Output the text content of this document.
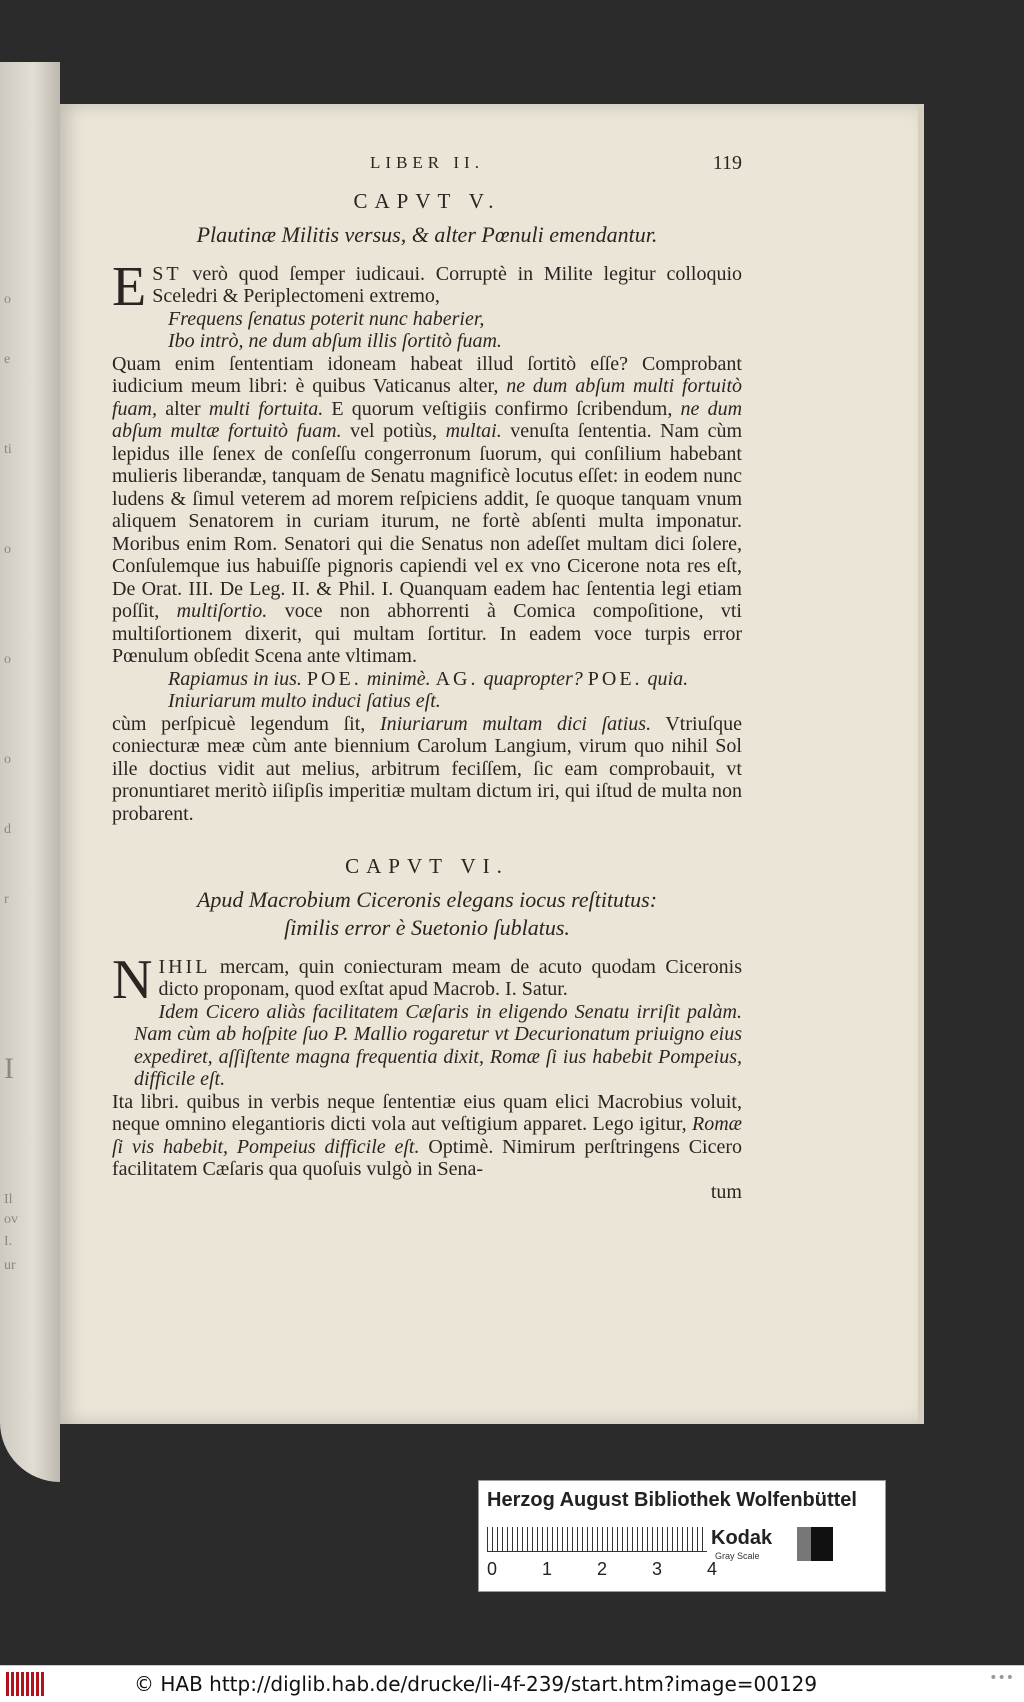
o
e
ti
o
o
o
d
r
I
Il
ov
I.
ur
LIBER II.	119
CAPVT V.
Plautinæ Militis versus, & alter Pœnuli emendantur.
E ST verò quod ſemper iudicaui. Corruptè in Milite legitur colloquio Sceledri & Periplectomeni extremo,
Frequens ſenatus poterit nunc haberier,
Ibo intrò, ne dum abſum illis ſortitò fuam.
Quam enim ſententiam idoneam habeat illud ſortitò eſſe? Comprobant iudicium meum libri: è quibus Vaticanus alter, ne dum abſum multi fortuitò fuam, alter multi fortuita. E quorum veſtigiis confirmo ſcribendum, ne dum abſum multæ fortuitò fuam. vel potiùs, multai. venuſta ſententia. Nam cùm lepidus ille ſenex de conſeſſu congerronum ſuorum, qui conſilium habebant mulieris liberandæ, tanquam de Senatu magnificè locutus eſſet: in eodem nunc ludens & ſimul veterem ad morem reſpiciens addit, ſe quoque tanquam vnum aliquem Senatorem in curiam iturum, ne fortè abſenti multa imponatur. Moribus enim Rom. Senatori qui die Senatus non adeſſet multam dici ſolere, Conſulemque ius habuiſſe pignoris capiendi vel ex vno Cicerone nota res eſt, De Orat. III. De Leg. II. & Phil. I. Quanquam eadem hac ſententia legi etiam poſſit, multiſortio. voce non abhorrenti à Comica compoſitione, vti multiſortionem dixerit, qui multam ſortitur. In eadem voce turpis error Pœnulum obſedit Scena ante vltimam.
Rapiamus in ius. POE. minimè. AG. quapropter? POE. quia.
Iniuriarum multo induci ſatius eſt.
cùm perſpicuè legendum ſit, Iniuriarum multam dici ſatius. Vtriuſque coniecturæ meæ cùm ante biennium Carolum Langium, virum quo nihil Sol ille doctius vidit aut melius, arbitrum feciſſem, ſic eam comprobauit, vt pronuntiaret meritò iiſipſis imperitiæ multam dictum iri, qui iſtud de multa non probarent.
CAPVT VI.
Apud Macrobium Ciceronis elegans iocus reſtitutus:
ſimilis error è Suetonio ſublatus.
N IHIL mercam, quin coniecturam meam de acuto quodam Ciceronis dicto proponam, quod exſtat apud Macrob. I. Satur.
Idem Cicero aliàs facilitatem Cæſaris in eligendo Senatu irriſit palàm. Nam cùm ab hoſpite ſuo P. Mallio rogaretur vt Decurionatum priuigno eius expediret, aſſiſtente magna frequentia dixit, Romæ ſi ius habebit Pompeius, difficile eſt.
Ita libri. quibus in verbis neque ſententiæ eius quam elici Macrobius voluit, neque omnino elegantioris dicti vola aut veſtigium apparet. Lego igitur, Romæ ſi vis habebit, Pompeius difficile eſt. Optimè. Nimirum perſtringens Cicero facilitatem Cæſaris qua quoſuis vulgò in Sena-
tum
Herzog August Bibliothek Wolfenbüttel
0 1 2 3 4
Kodak
Gray Scale
© HAB http://diglib.hab.de/drucke/li-4f-239/start.htm?image=00129	•••
